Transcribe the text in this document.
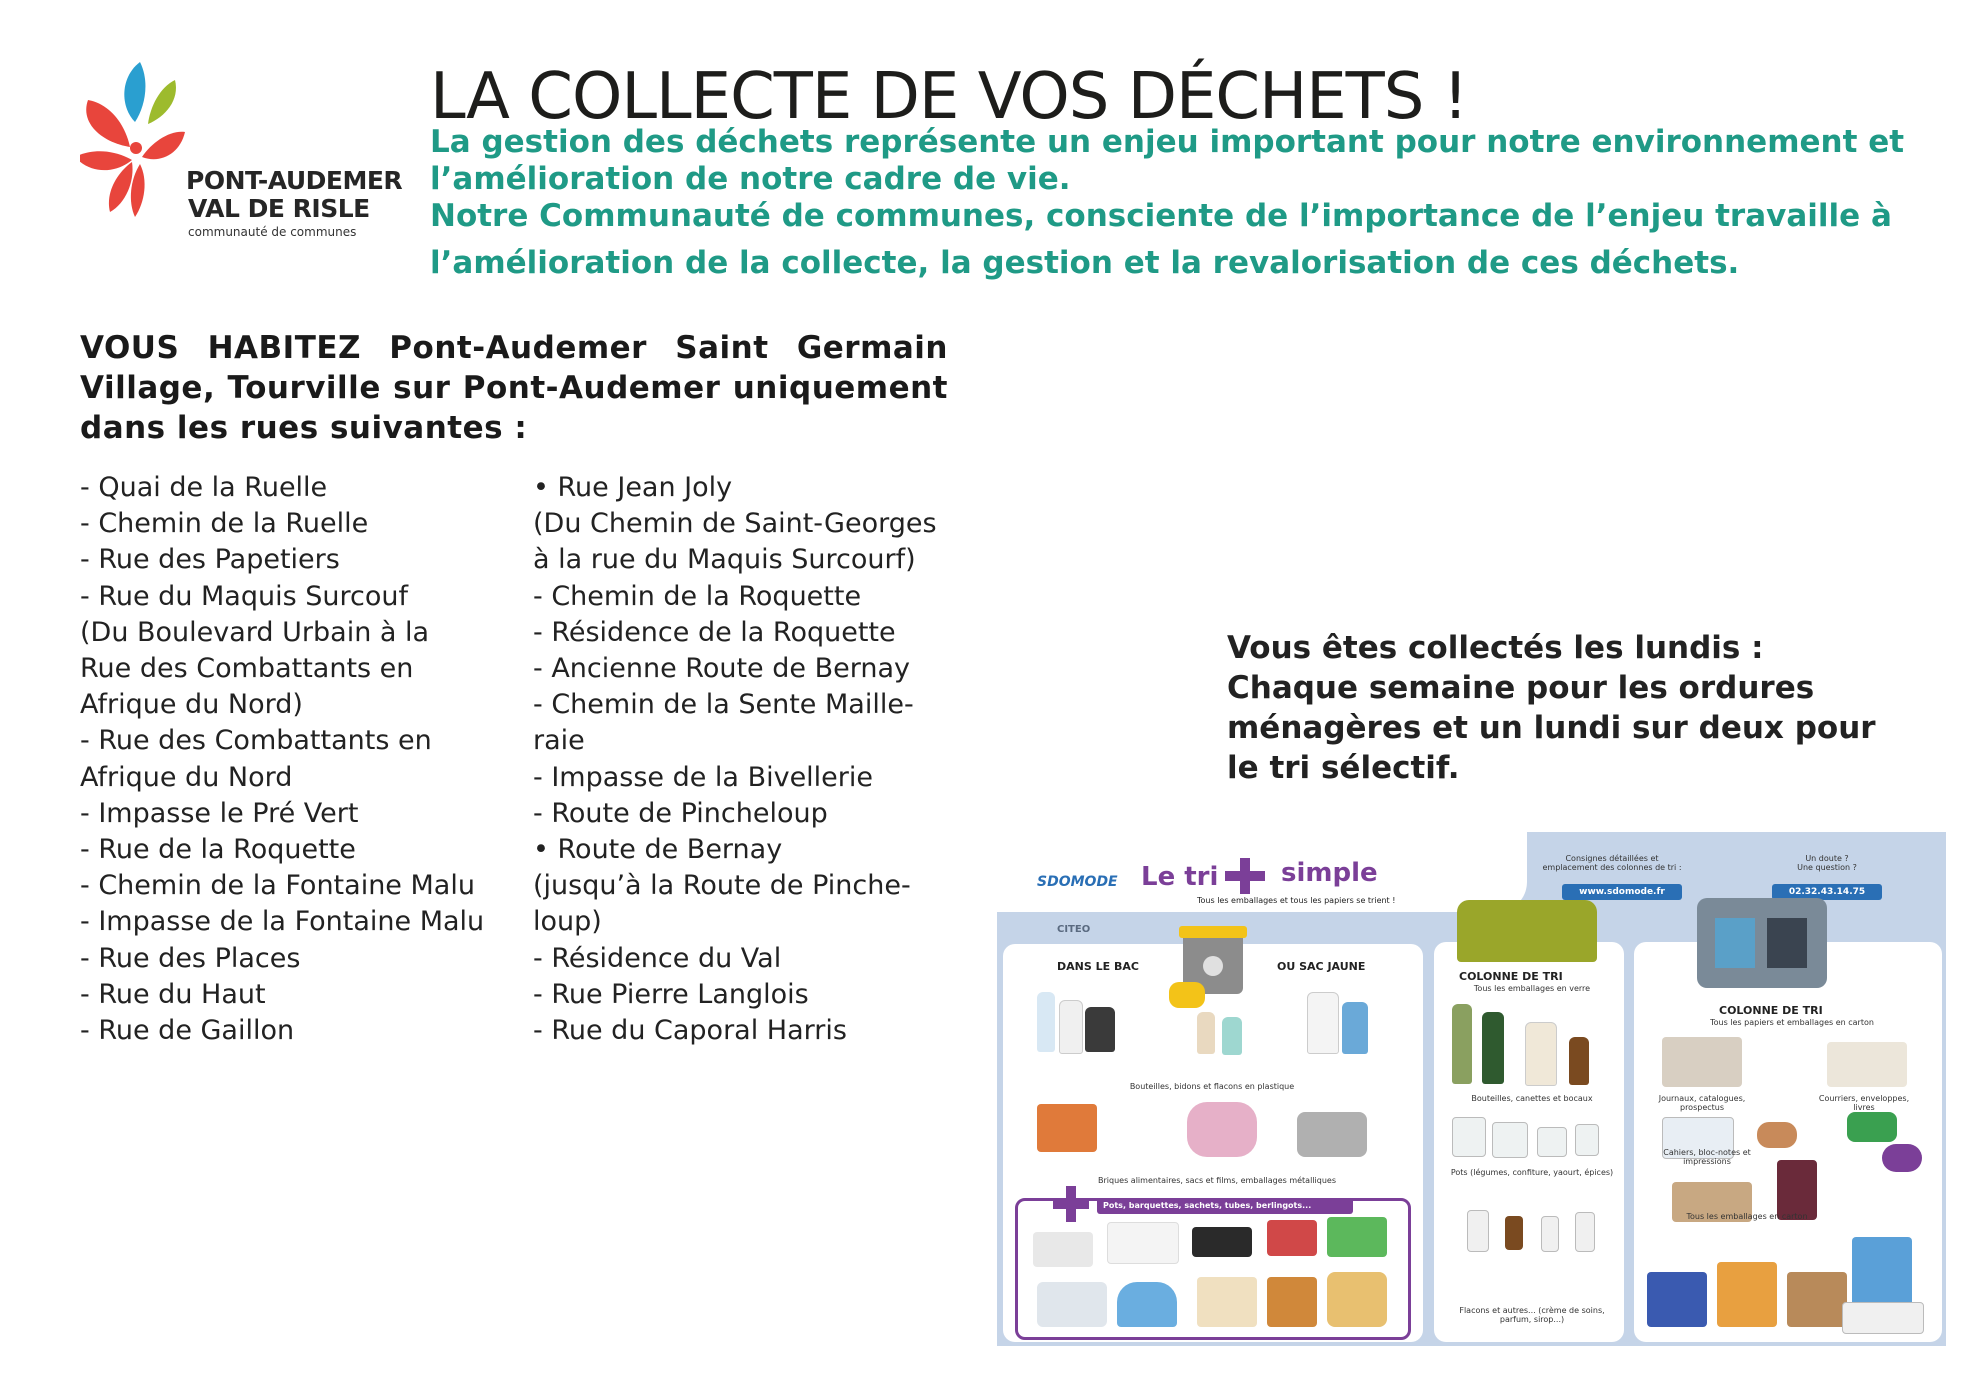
PONT-AUDEMER
VAL DE RISLE
communauté de communes
LA COLLECTE DE VOS DÉCHETS !

La gestion des déchets représente un enjeu important pour notre environnement et l’amélioration de notre cadre de vie.

Notre Communauté de communes, consciente de l’importance de l’enjeu travaille à
l’amélioration de la collecte, la gestion et la revalorisation de ces déchets.

VOUS HABITEZ Pont-Audemer Saint Germain Village, Tourville sur Pont-Audemer uniquement dans les rues suivantes :
- Quai de la Ruelle
- Chemin de la Ruelle
- Rue des Papetiers
- Rue du Maquis Surcouf
(Du Boulevard Urbain à la
Rue des Combattants en
Afrique du Nord)
- Rue des Combattants en
Afrique du Nord
- Impasse le Pré Vert
- Rue de la Roquette
- Chemin de la Fontaine Malu
- Impasse de la Fontaine Malu
- Rue des Places
- Rue du Haut
- Rue de Gaillon
• Rue Jean Joly
(Du Chemin de Saint-Georges
à la rue du Maquis Surcourf)
- Chemin de la Roquette
- Résidence de la Roquette
- Ancienne Route de Bernay
- Chemin de la Sente Maille-
raie
- Impasse de la Bivellerie
- Route de Pincheloup
• Route de Bernay
(jusqu’à la Route de Pinche-
loup)
- Résidence du Val
- Rue Pierre Langlois
- Rue du Caporal Harris
Vous êtes collectés les lundis :
Chaque semaine pour les ordures
ménagères et un lundi sur deux pour
le tri sélectif.
SDOMODE Le tri simple
Tous les emballages et tous les papiers se trient !
CITEO
Consignes détaillées et emplacement des colonnes de tri :
www.sdomode.fr
Un doute ? Une question ?
02.32.43.14.75
DANS LE BAC	OU SAC JAUNE
Bouteilles, bidons et flacons en plastique
Briques alimentaires, sacs et films, emballages métalliques
Pots, barquettes, sachets, tubes, berlingots...
COLONNE DE TRI
Tous les emballages en verre
Bouteilles, canettes et bocaux
Pots (légumes, confiture, yaourt, épices)
Flacons et autres... (crème de soins, parfum, sirop...)
COLONNE DE TRI
Tous les papiers et emballages en carton
Journaux, catalogues, prospectus
Courriers, enveloppes, livres
Cahiers, bloc-notes et impressions
Tous les emballages en carton
